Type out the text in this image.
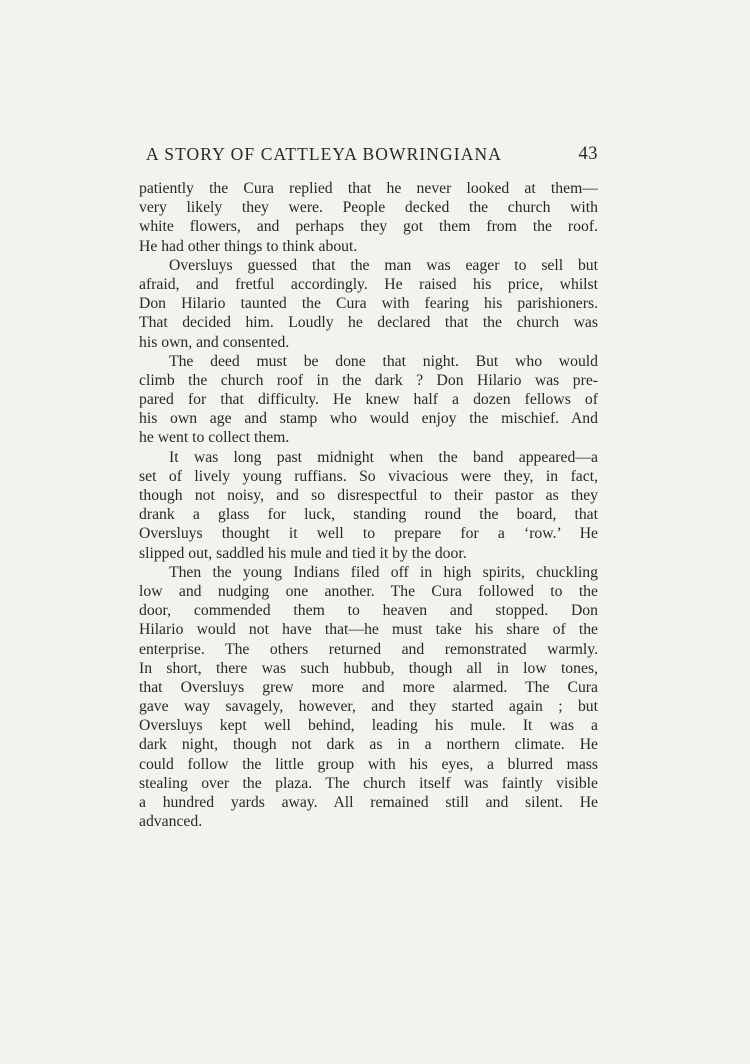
A STORY OF CATTLEYA BOWRINGIANA	43
patiently the Cura replied that he never looked at them—
very likely they were. People decked the church with
white flowers, and perhaps they got them from the roof.
He had other things to think about.
Oversluys guessed that the man was eager to sell but
afraid, and fretful accordingly. He raised his price, whilst
Don Hilario taunted the Cura with fearing his parishioners.
That decided him. Loudly he declared that the church was
his own, and consented.
The deed must be done that night. But who would
climb the church roof in the dark ? Don Hilario was pre-
pared for that difficulty. He knew half a dozen fellows of
his own age and stamp who would enjoy the mischief. And
he went to collect them.
It was long past midnight when the band appeared—a
set of lively young ruffians. So vivacious were they, in fact,
though not noisy, and so disrespectful to their pastor as they
drank a glass for luck, standing round the board, that
Oversluys thought it well to prepare for a ‘row.’ He
slipped out, saddled his mule and tied it by the door.
Then the young Indians filed off in high spirits, chuckling
low and nudging one another. The Cura followed to the
door, commended them to heaven and stopped. Don
Hilario would not have that—he must take his share of the
enterprise. The others returned and remonstrated warmly.
In short, there was such hubbub, though all in low tones,
that Oversluys grew more and more alarmed. The Cura
gave way savagely, however, and they started again ; but
Oversluys kept well behind, leading his mule. It was a
dark night, though not dark as in a northern climate. He
could follow the little group with his eyes, a blurred mass
stealing over the plaza. The church itself was faintly visible
a hundred yards away. All remained still and silent. He
advanced.
